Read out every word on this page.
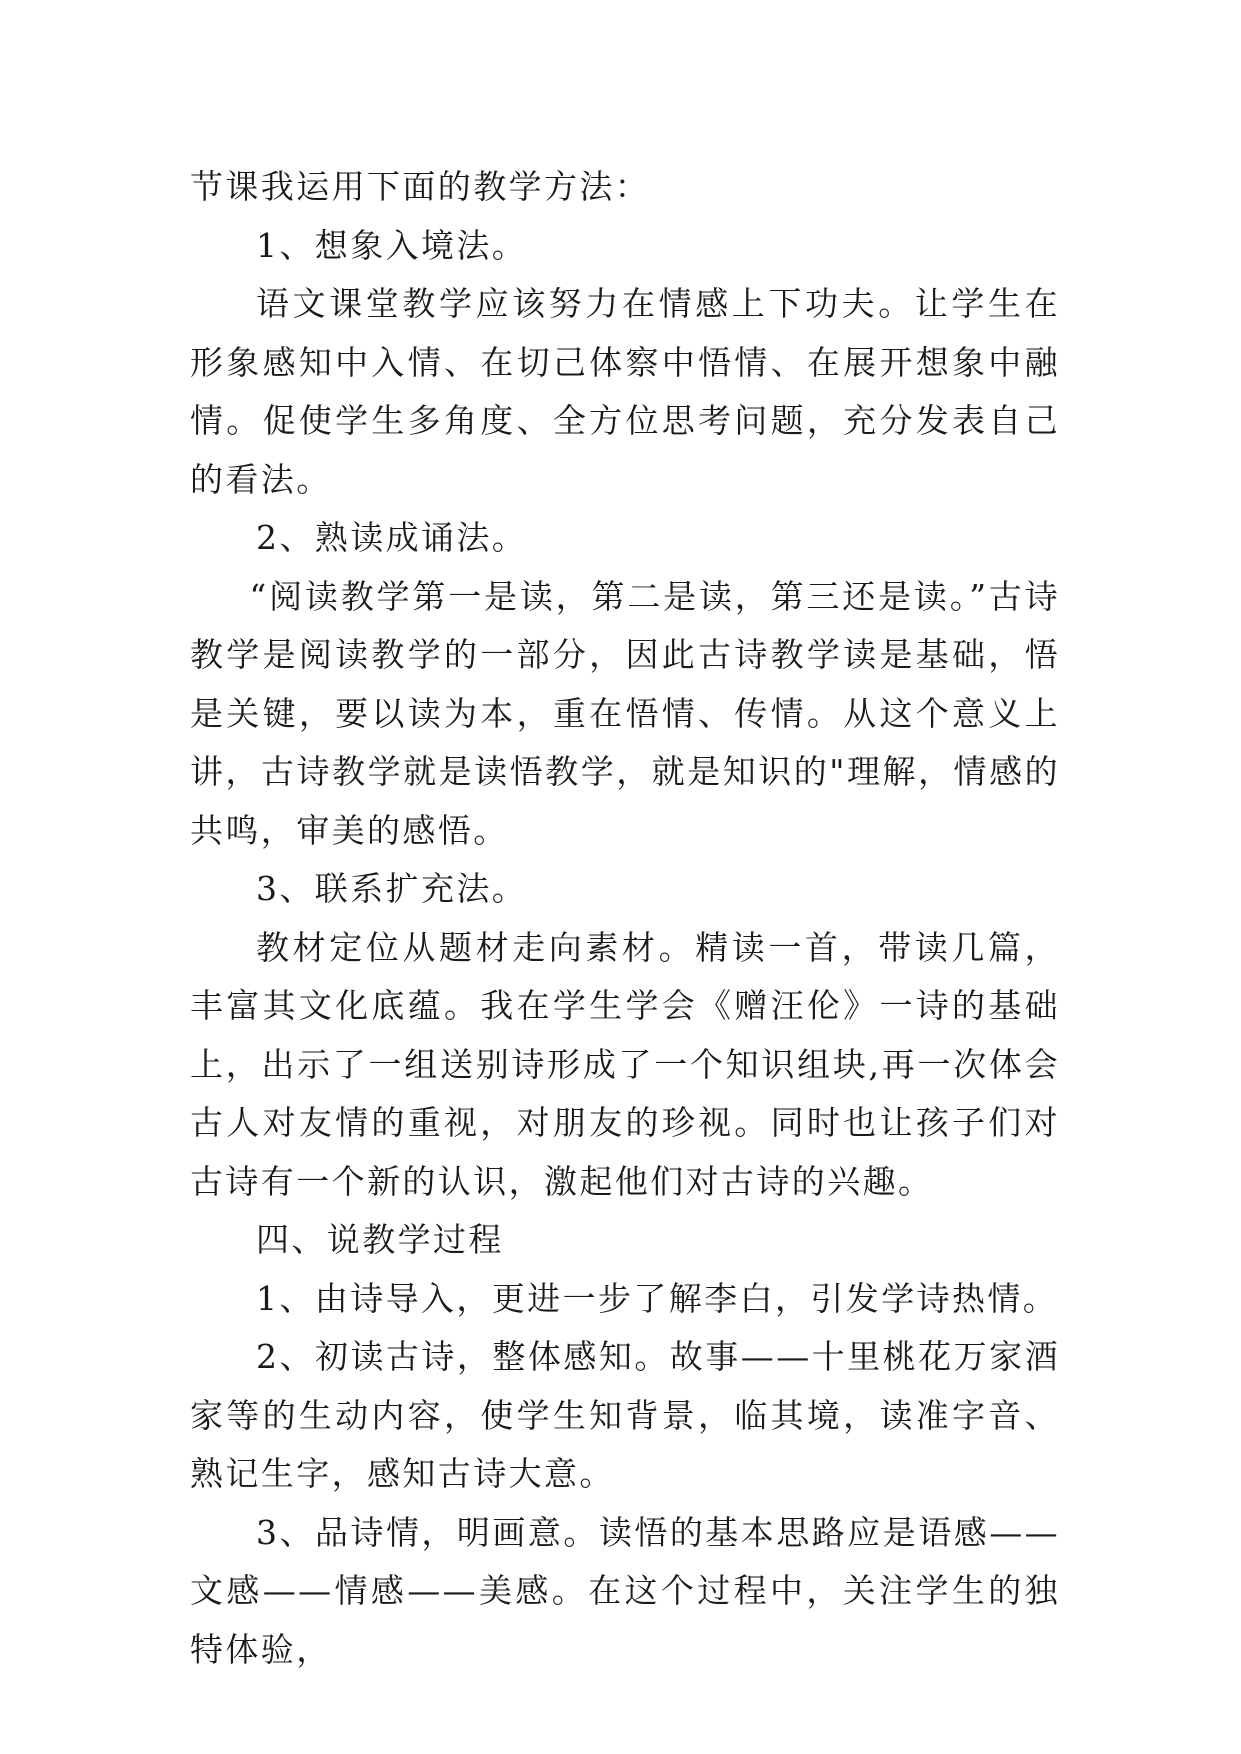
节课我运用下面的教学方法：

1、想象入境法。

语文课堂教学应该努力在情感上下功夫。让学生在形象感知中入情、在切己体察中悟情、在展开想象中融情。促使学生多角度、全方位思考问题，充分发表自己的看法。

2、熟读成诵法。

“阅读教学第一是读，第二是读，第三还是读。”古诗教学是阅读教学的一部分，因此古诗教学读是基础，悟是关键，要以读为本，重在悟情、传情。从这个意义上讲，古诗教学就是读悟教学，就是知识的"理解，情感的共鸣，审美的感悟。

3、联系扩充法。

教材定位从题材走向素材。精读一首，带读几篇，丰富其文化底蕴。我在学生学会《赠汪伦》一诗的基础上，出示了一组送别诗形成了一个知识组块,再一次体会古人对友情的重视，对朋友的珍视。同时也让孩子们对古诗有一个新的认识，激起他们对古诗的兴趣。

四、说教学过程

1、由诗导入，更进一步了解李白，引发学诗热情。

2、初读古诗，整体感知。故事——十里桃花万家酒家等的生动内容，使学生知背景，临其境，读准字音、熟记生字，感知古诗大意。

3、品诗情，明画意。读悟的基本思路应是语感——文感——情感——美感。在这个过程中，关注学生的独特体验，
